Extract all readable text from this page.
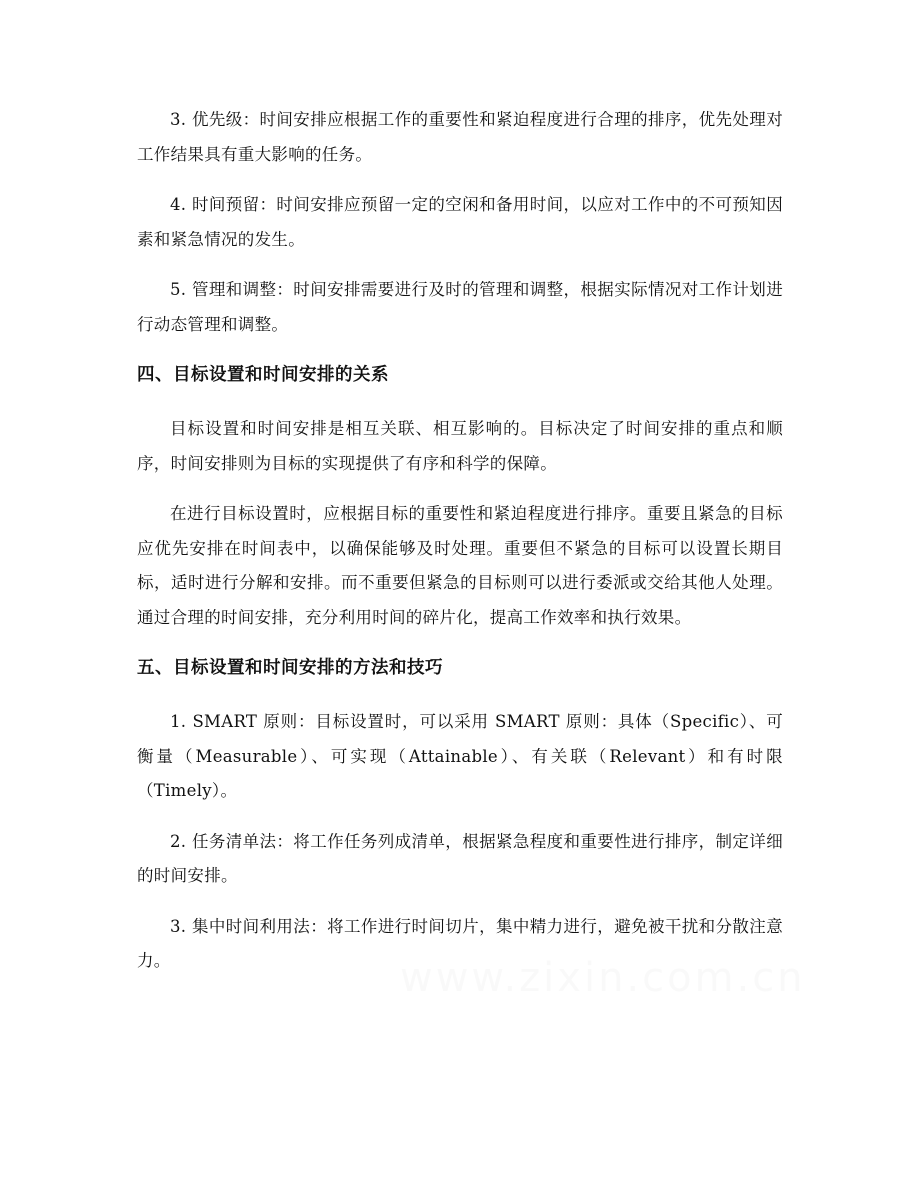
3. 优先级：时间安排应根据工作的重要性和紧迫程度进行合理的排序，优先处理对工作结果具有重大影响的任务。

4. 时间预留：时间安排应预留一定的空闲和备用时间，以应对工作中的不可预知因素和紧急情况的发生。

5. 管理和调整：时间安排需要进行及时的管理和调整，根据实际情况对工作计划进行动态管理和调整。

四、目标设置和时间安排的关系

目标设置和时间安排是相互关联、相互影响的。目标决定了时间安排的重点和顺序，时间安排则为目标的实现提供了有序和科学的保障。

在进行目标设置时，应根据目标的重要性和紧迫程度进行排序。重要且紧急的目标应优先安排在时间表中，以确保能够及时处理。重要但不紧急的目标可以设置长期目标，适时进行分解和安排。而不重要但紧急的目标则可以进行委派或交给其他人处理。通过合理的时间安排，充分利用时间的碎片化，提高工作效率和执行效果。

五、目标设置和时间安排的方法和技巧

1. SMART 原则：目标设置时，可以采用 SMART 原则：具体（Specific）、可衡量（Measurable）、可实现（Attainable）、有关联（Relevant）和有时限（Timely）。

2. 任务清单法：将工作任务列成清单，根据紧急程度和重要性进行排序，制定详细的时间安排。

3. 集中时间利用法：将工作进行时间切片，集中精力进行，避免被干扰和分散注意力。	www.zixin.com.cn
